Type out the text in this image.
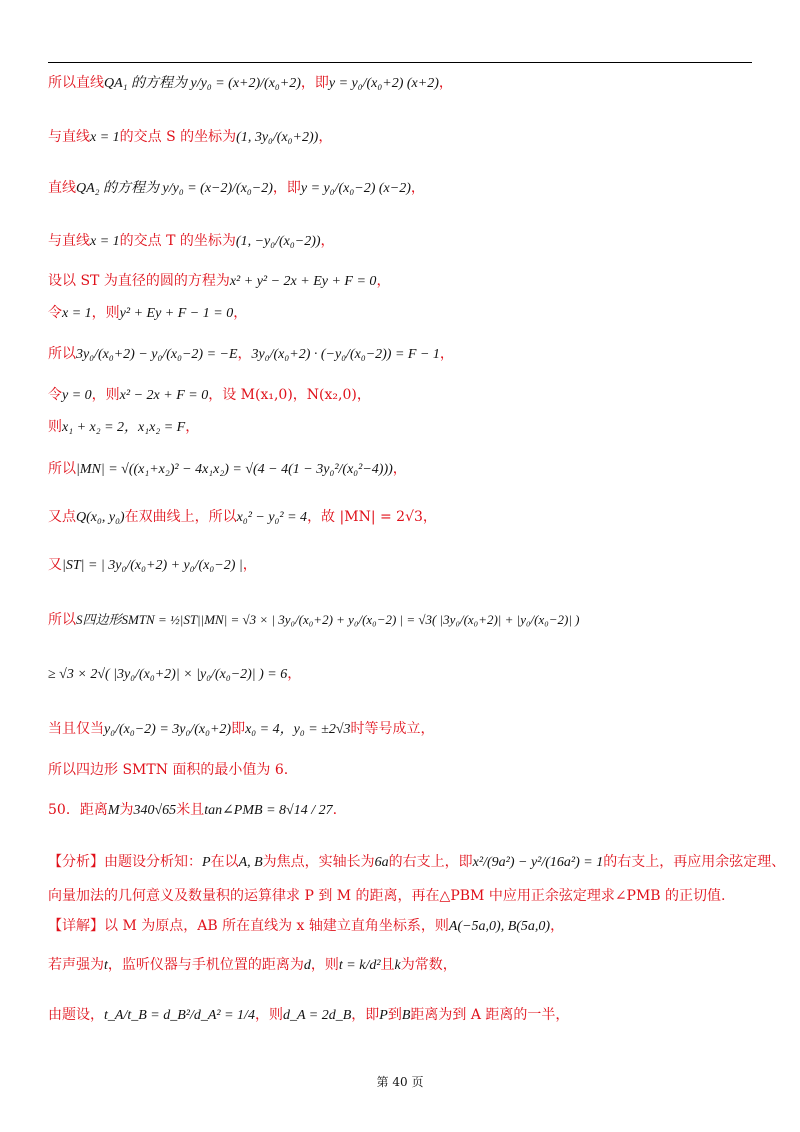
所以直线QA₁ 的方程为 y/y₀ = (x+2)/(x₀+2)，即y = y₀/(x₀+2) (x+2)，
与直线x = 1的交点 S 的坐标为(1, 3y₀/(x₀+2))，
直线QA₂ 的方程为 y/y₀ = (x−2)/(x₀−2)，即y = y₀/(x₀−2) (x−2)，
与直线x = 1的交点 T 的坐标为(1, −y₀/(x₀−2))，
设以 ST 为直径的圆的方程为x² + y² − 2x + Ey + F = 0，
令x = 1，则y² + Ey + F − 1 = 0，
所以3y₀/(x₀+2) − y₀/(x₀−2) = −E，3y₀/(x₀+2) · (−y₀/(x₀−2)) = F − 1，
令y = 0，则x² − 2x + F = 0，设 M(x₁,0)，N(x₂,0)，
则x₁ + x₂ = 2，x₁x₂ = F，
所以|MN| = √((x₁+x₂)² − 4x₁x₂) = √(4 − 4(1 − 3y₀²/(x₀²−4)))，
又点Q(x₀, y₀)在双曲线上，所以x₀² − y₀² = 4，故 |MN| = 2√3，
又|ST| = | 3y₀/(x₀+2) + y₀/(x₀−2) |，
所以S四边形SMTN = ½|ST||MN| = √3 × | 3y₀/(x₀+2) + y₀/(x₀−2) | = √3( |3y₀/(x₀+2)| + |y₀/(x₀−2)| )
≥ √3 × 2√( |3y₀/(x₀+2)| × |y₀/(x₀−2)| ) = 6，
当且仅当y₀/(x₀−2) = 3y₀/(x₀+2)即x₀ = 4，y₀ = ±2√3时等号成立，
所以四边形 SMTN 面积的最小值为 6.
50．距离M为340√65米且tan∠PMB = 8√14 / 27.
【分析】由题设分析知：P在以A, B为焦点，实轴长为6a的右支上，即x²/(9a²) − y²/(16a²) = 1的右支上，再应用余弦定理、
向量加法的几何意义及数量积的运算律求 P 到 M 的距离，再在△PBM 中应用正余弦定理求∠PMB 的正切值.
【详解】以 M 为原点，AB 所在直线为 x 轴建立直角坐标系，则A(−5a,0), B(5a,0)，
若声强为t，监听仪器与手机位置的距离为d，则t = k/d²且k为常数，
由题设，t_A/t_B = d_B²/d_A² = 1/4，则d_A = 2d_B，即P到B距离为到 A 距离的一半，
第 40 页
